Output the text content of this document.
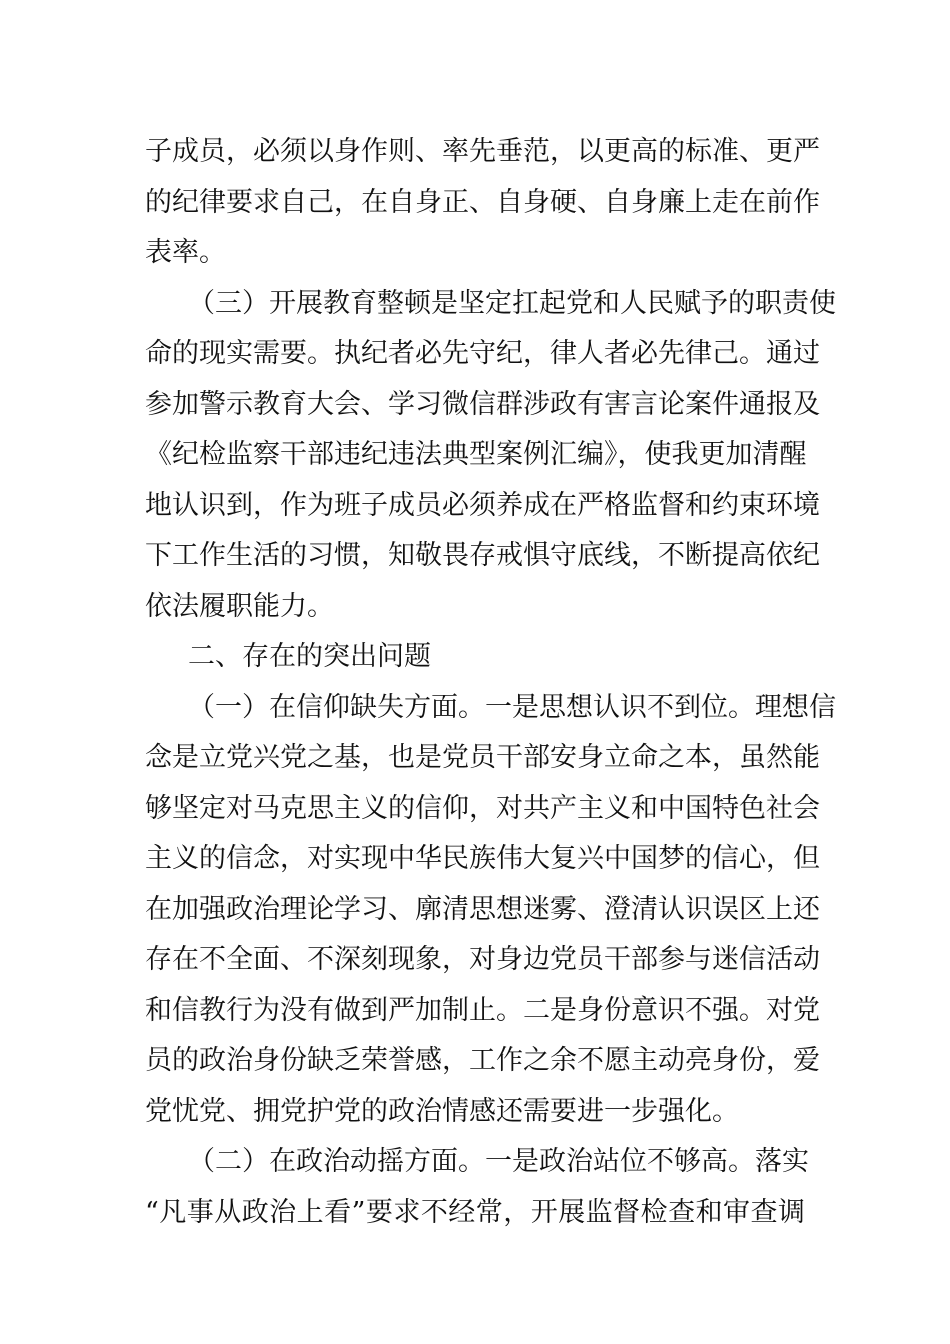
子成员，必须以身作则、率先垂范，以更高的标准、更严
的纪律要求自己，在自身正、自身硬、自身廉上走在前作
表率。
（三）开展教育整顿是坚定扛起党和人民赋予的职责使
命的现实需要。执纪者必先守纪，律人者必先律己。通过
参加警示教育大会、学习微信群涉政有害言论案件通报及
《纪检监察干部违纪违法典型案例汇编》，使我更加清醒
地认识到，作为班子成员必须养成在严格监督和约束环境
下工作生活的习惯，知敬畏存戒惧守底线，不断提高依纪
依法履职能力。
二、存在的突出问题
（一）在信仰缺失方面。一是思想认识不到位。理想信
念是立党兴党之基，也是党员干部安身立命之本，虽然能
够坚定对马克思主义的信仰，对共产主义和中国特色社会
主义的信念，对实现中华民族伟大复兴中国梦的信心，但
在加强政治理论学习、廓清思想迷雾、澄清认识误区上还
存在不全面、不深刻现象，对身边党员干部参与迷信活动
和信教行为没有做到严加制止。二是身份意识不强。对党
员的政治身份缺乏荣誉感，工作之余不愿主动亮身份，爱
党忧党、拥党护党的政治情感还需要进一步强化。
（二）在政治动摇方面。一是政治站位不够高。落实
“凡事从政治上看”要求不经常，开展监督检查和审查调
